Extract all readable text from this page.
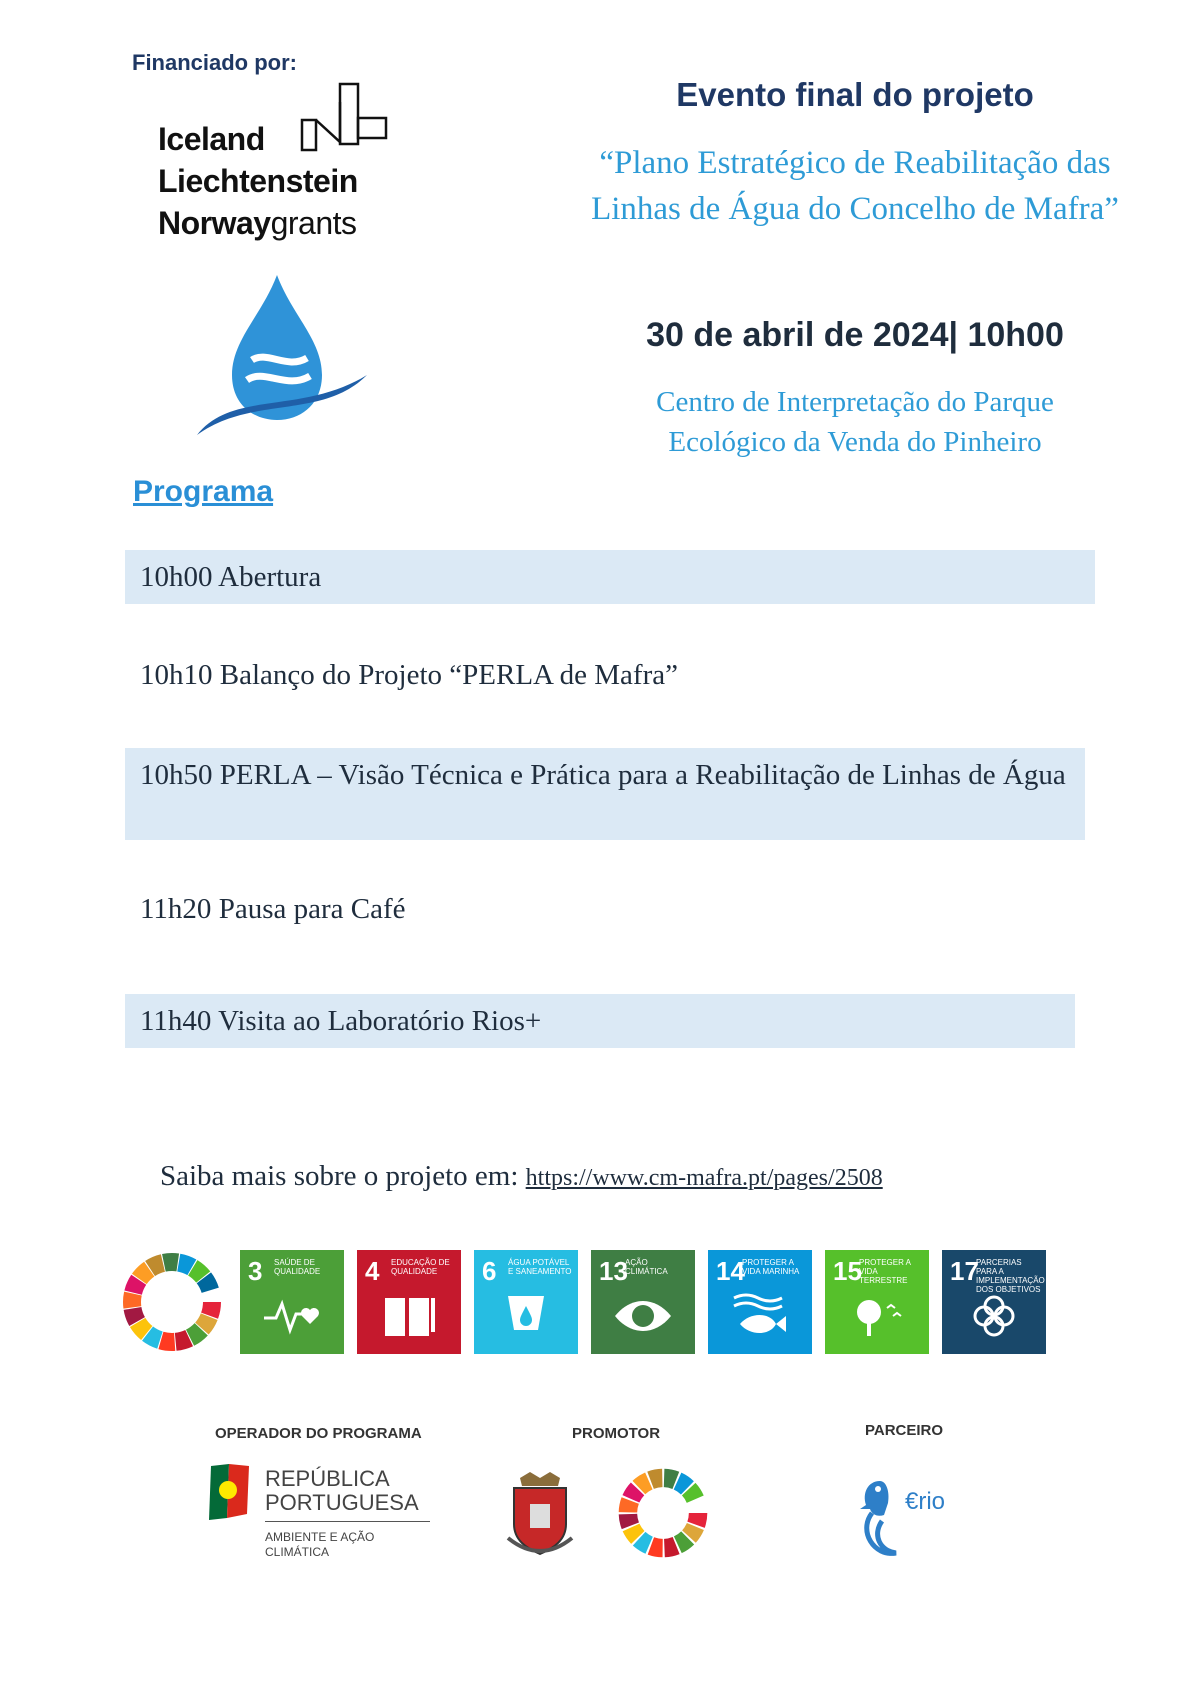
Financiado por:
Iceland
Liechtenstein
Norwaygrants
Evento final do projeto
“Plano Estratégico de Reabilitação das Linhas de Água do Concelho de Mafra”
30 de abril de 2024| 10h00
Centro de Interpretação do Parque Ecológico da Venda do Pinheiro
Programa
10h00 Abertura
10h10 Balanço do Projeto “PERLA de Mafra”
10h50 PERLA – Visão Técnica e Prática para a Reabilitação de Linhas de Água
11h20 Pausa para Café
11h40 Visita ao Laboratório Rios+
Saiba mais sobre o projeto em: https://www.cm-mafra.pt/pages/2508
3 SAÚDE DE QUALIDADE	4 EDUCAÇÃO DE QUALIDADE	6 ÁGUA POTÁVEL E SANEAMENTO 13
AÇÃO CLIMÁTICA	14
PROTEGER A VIDA MARINHA	15
PROTEGER A VIDA TERRESTRE	17
PARCERIAS PARA A IMPLEMENTAÇÃO DOS OBJETIVOS
OPERADOR DO PROGRAMA	PROMOTOR	PARCEIRO
REPÚBLICA
PORTUGUESA
AMBIENTE E AÇÃO CLIMÁTICA
€rio
